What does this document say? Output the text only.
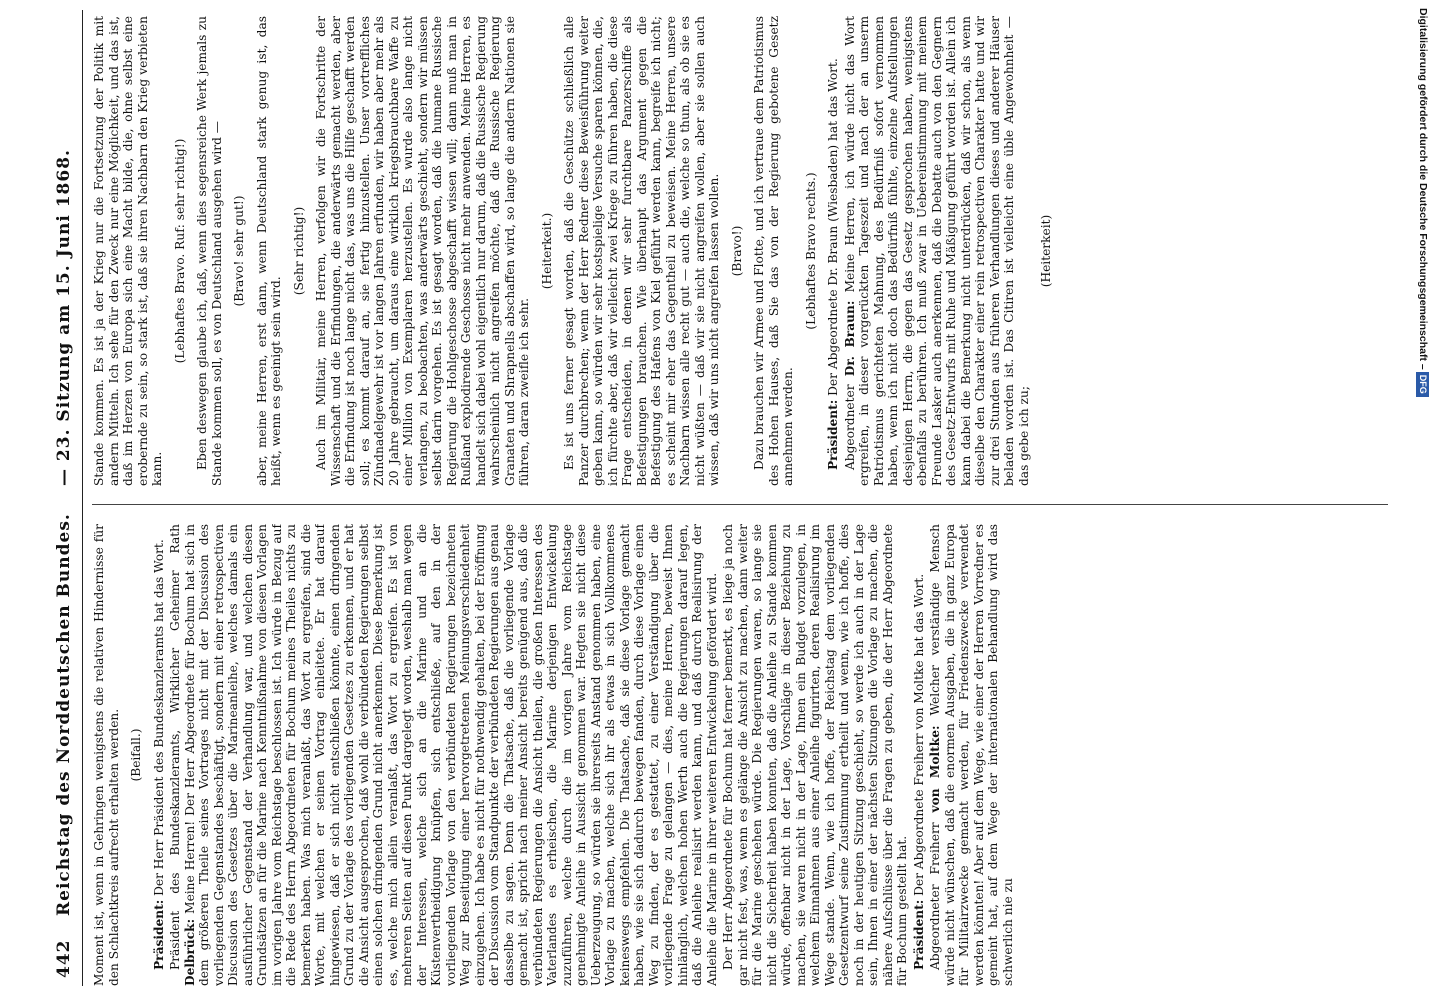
442
Reichstag des Norddeutschen Bundes.
— 23. Sitzung am 15. Juni 1868.

Moment ist, wenn in Gehringen wenigstens die relativen Hindernisse für den Schlachtkreis aufrecht erhalten werden. (Beifall.)

Präsident: Der Herr Präsident des Bundeskanzleramts hat das Wort. Präsident des Bundeskanzleramts, Wirklicher Geheimer Rath Delbrück: Meine Herren! Der Herr Abgeordnete für Bochum hat sich in dem größeren Theile seines Vortrages nicht mit der Discussion des vorliegenden Gegenstandes beschäftigt, sondern mit einer retrospectiven Discussion des Gesetzes über die Marineanleihe, welches damals ein ausführlicher Gegenstand der Verhandlung war, und welchen diesen Grundsätzen an für die Marine nach Kenntnißnahme von diesen Vorlagen im vorigen Jahre vom Reichstage beschlossen ist. Ich würde in Bezug auf die Rede des Herrn Abgeordneten für Bochum meines Theiles nichts zu bemerken haben. Was mich veranlaßt, das Wort zu ergreifen, sind die Worte, mit welchen er seinen Vortrag einleitete. Er hat darauf hingewiesen, daß er sich nicht entschließen könnte, einen dringenden Grund zu der Vorlage des vorliegenden Gesetzes zu erkennen, und er hat die Ansicht ausgesprochen, daß wohl die verbündeten Regierungen selbst einen solchen dringenden Grund nicht anerkennen. Diese Bemerkung ist es, welche mich allein veranlaßt, das Wort zu ergreifen. Es ist von mehreren Seiten auf diesen Punkt dargelegt worden, weshalb man wegen der Interessen, welche sich an die Marine und an die Küstenvertheidigung knüpfen, sich entschließe, auf den in der vorliegenden Vorlage von den verbündeten Regierungen bezeichneten Weg zur Beseitigung einer hervorgetretenen Meinungsverschiedenheit einzugehen. Ich habe es nicht für nothwendig gehalten, bei der Eröffnung der Discussion vom Standpunkte der verbündeten Regierungen aus genau dasselbe zu sagen. Denn die Thatsache, daß die vorliegende Vorlage gemacht ist, spricht nach meiner Ansicht bereits genügend aus, daß die verbündeten Regierungen die Ansicht theilen, die großen Interessen des Vaterlandes es erheischen, die Marine derjenigen Entwickelung zuzuführen, welche durch die im vorigen Jahre vom Reichstage genehmigte Anleihe in Aussicht genommen war. Hegten sie nicht diese Ueberzeugung, so würden sie ihrerseits Anstand genommen haben, eine Vorlage zu machen, welche sich ihr als etwas in sich Vollkommenes keineswegs empfehlen. Die Thatsache, daß sie diese Vorlage gemacht haben, wie sie sich dadurch bewegen fanden, durch diese Vorlage einen Weg zu finden, der es gestattet, zu einer Verständigung über die vorliegende Frage zu gelangen — dies, meine Herren, beweist Ihnen hinlänglich, welchen hohen Werth auch die Regierungen darauf legen, daß die Anleihe realisirt werden kann, und daß durch Realisirung der Anleihe die Marine in ihrer weiteren Entwickelung gefördert wird. Der Herr Abgeordnete für Bochum hat ferner bemerkt, es liege ja noch gar nicht fest, was, wenn es gelänge die Ansicht zu machen, dann weiter für die Marine geschehen würde. Die Regierungen waren, so lange sie nicht die Sicherheit haben konnten, daß die Anleihe zu Stande kommen würde, offenbar nicht in der Lage, Vorschläge in dieser Beziehung zu machen, sie waren nicht in der Lage, Ihnen ein Budget vorzulegen, in welchem Einnahmen aus einer Anleihe figurirten, deren Realisirung im Wege stande. Wenn, wie ich hoffe, der Reichstag dem vorliegenden Gesetzentwurf seine Zustimmung ertheilt und wenn, wie ich hoffe, dies noch in der heutigen Sitzung geschieht, so werde ich auch in der Lage sein, Ihnen in einer der nächsten Sitzungen die Vorlage zu machen, die nähere Aufschlüsse über die Fragen zu geben, die der Herr Abgeordnete für Bochum gestellt hat. Präsident: Der Abgeordnete Freiherr von Moltke hat das Wort.

Abgeordneter Freiherr von Moltke: Welcher verständige Mensch würde nicht wünschen, daß die enormen Ausgaben, die in ganz Europa für Militairzwecke gemacht werden, für Friedenszwecke verwendet werden könnten! Aber auf dem Wege, wie einer der Herren Vorredner es gemeint hat, auf dem Wege der internationalen Behandlung wird das schwerlich nie zu

Stande kommen. Es ist ja der Krieg nur die Fortsetzung der Politik mit andern Mitteln. Ich sehe für den Zweck nur eine Möglichkeit, und das ist, daß im Herzen von Europa sich eine Macht bilde, die, ohne selbst eine erobernde zu sein, so stark ist, daß sie ihren Nachbarn den Krieg verbieten kann.

(Lebhaftes Bravo. Ruf: sehr richtig!) Eben deswegen glaube ich, daß, wenn dies segensreiche Werk jemals zu Stande kommen soll, es von Deutschland ausgehen wird — (Bravo! sehr gut!) aber, meine Herren, erst dann, wenn Deutschland stark genug ist, das heißt, wenn es geeinigt sein wird.

(Sehr richtig!) Auch im Militair, meine Herren, verfolgen wir die Fortschritte der Wissenschaft und die Erfindungen, die anderwärts gemacht werden, aber die Erfindung ist noch lange nicht das, was uns die Hilfe geschafft werden soll; es kommt darauf an, sie fertig hinzustellen. Unser vortreffliches Zündnadelgewehr ist vor langen Jahren erfunden, wir haben aber mehr als 20 Jahre gebraucht, um daraus eine wirklich kriegsbrauchbare Waffe zu einer Million von Exemplaren herzustellen. Es wurde also lange nicht verlangen, zu beobachten, was anderwärts geschieht, sondern wir müssen selbst darin vorgehen. Es ist gesagt worden, daß die humane Russische Regierung die Hohlgeschosse abgeschafft wissen will; dann muß man in Rußland explodirende Geschosse nicht mehr anwenden. Meine Herren, es handelt sich dabei wohl eigentlich nur darum, daß die Russische Regierung wahrscheinlich nicht angreifen möchte, daß die Russische Regierung Granaten und Shrapnells abschaffen wird, so lange die andern Nationen sie führen, daran zweifle ich sehr.

(Heiterkeit.) Es ist uns ferner gesagt worden, daß die Geschütze schließlich alle Panzer durchbrechen; wenn der Herr Redner diese Beweisführung weiter geben kann, so würden wir sehr kostspielige Versuche sparen können, die, ich fürchte aber, daß wir vielleicht zwei Kriege zu führen haben, die diese Frage entscheiden, in denen wir sehr furchtbare Panzerschiffe als Befestigungen brauchen. Wie überhaupt das Argument gegen die Befestigung des Hafens von Kiel geführt werden kann, begreife ich nicht; es scheint mir eher das Gegentheil zu beweisen. Meine Herren, unsere Nachbarn wissen alle recht gut — auch die, welche so thun, als ob sie es nicht wüßten — daß wir sie nicht angreifen wollen, aber sie sollen auch wissen, daß wir uns nicht angreifen lassen wollen. (Bravo!) Dazu brauchen wir Armee und Flotte, und ich vertraue dem Patriotismus des Hohen Hauses, daß Sie das von der Regierung gebotene Gesetz annehmen werden.

(Lebhaftes Bravo rechts.)

Präsident: Der Abgeordnete Dr. Braun (Wiesbaden) hat das Wort.

Abgeordneter Dr. Braun: Meine Herren, ich würde nicht das Wort ergreifen, in dieser vorgerückten Tageszeit und nach der an unserm Patriotismus gerichteten Mahnung, des Bedürfniß sofort vernommen haben, wenn ich nicht doch das Bedürfniß fühlte, einzelne Aufstellungen desjenigen Herrn, die gegen das Gesetz gesprochen haben, wenigstens ebenfalls zu berühren. Ich muß zwar in Uebereinstimmung mit meinem Freunde Lasker auch anerkennen, daß die Debatte auch von den Gegnern des Gesetz-Entwurfs mit Ruhe und Mäßigung geführt worden ist. Allein ich kann dabei die Bemerkung nicht unterdrücken, daß wir schon, als wenn dieselbe den Charakter einer rein retrospectiven Charakter hatte und wir zur drei Stunden aus früheren Verhandlungen dieses und anderer Häuser beladen worden ist. Das Citiren ist vielleicht eine üble Angewohnheit — das gebe ich zu;

(Heiterkeit)	Digitalisierung gefördert durch die Deutsche Forschungsgemeinschaft –DFG
